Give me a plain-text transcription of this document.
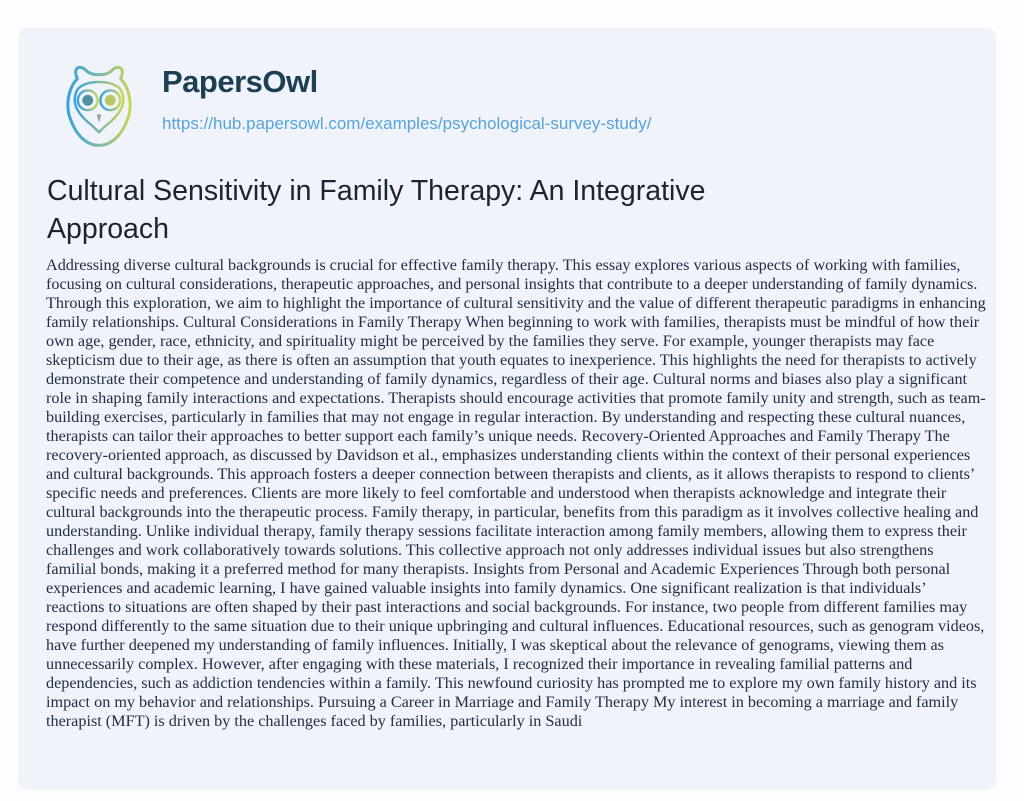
PapersOwl
https://hub.papersowl.com/examples/psychological-survey-study/
Cultural Sensitivity in Family Therapy: An Integrative Approach
Addressing diverse cultural backgrounds is crucial for effective family therapy. This essay explores various aspects of working with families, focusing on cultural considerations, therapeutic approaches, and personal insights that contribute to a deeper understanding of family dynamics. Through this exploration, we aim to highlight the importance of cultural sensitivity and the value of different therapeutic paradigms in enhancing family relationships. Cultural Considerations in Family Therapy When beginning to work with families, therapists must be mindful of how their own age, gender, race, ethnicity, and spirituality might be perceived by the families they serve. For example, younger therapists may face skepticism due to their age, as there is often an assumption that youth equates to inexperience. This highlights the need for therapists to actively demonstrate their competence and understanding of family dynamics, regardless of their age. Cultural norms and biases also play a significant role in shaping family interactions and expectations. Therapists should encourage activities that promote family unity and strength, such as team-building exercises, particularly in families that may not engage in regular interaction. By understanding and respecting these cultural nuances, therapists can tailor their approaches to better support each family’s unique needs. Recovery-Oriented Approaches and Family Therapy The recovery-oriented approach, as discussed by Davidson et al., emphasizes understanding clients within the context of their personal experiences and cultural backgrounds. This approach fosters a deeper connection between therapists and clients, as it allows therapists to respond to clients’ specific needs and preferences. Clients are more likely to feel comfortable and understood when therapists acknowledge and integrate their cultural backgrounds into the therapeutic process. Family therapy, in particular, benefits from this paradigm as it involves collective healing and understanding. Unlike individual therapy, family therapy sessions facilitate interaction among family members, allowing them to express their challenges and work collaboratively towards solutions. This collective approach not only addresses individual issues but also strengthens familial bonds, making it a preferred method for many therapists. Insights from Personal and Academic Experiences Through both personal experiences and academic learning, I have gained valuable insights into family dynamics. One significant realization is that individuals’ reactions to situations are often shaped by their past interactions and social backgrounds. For instance, two people from different families may respond differently to the same situation due to their unique upbringing and cultural influences. Educational resources, such as genogram videos, have further deepened my understanding of family influences. Initially, I was skeptical about the relevance of genograms, viewing them as unnecessarily complex. However, after engaging with these materials, I recognized their importance in revealing familial patterns and dependencies, such as addiction tendencies within a family. This newfound curiosity has prompted me to explore my own family history and its impact on my behavior and relationships. Pursuing a Career in Marriage and Family Therapy My interest in becoming a marriage and family therapist (MFT) is driven by the challenges faced by families, particularly in Saudi
